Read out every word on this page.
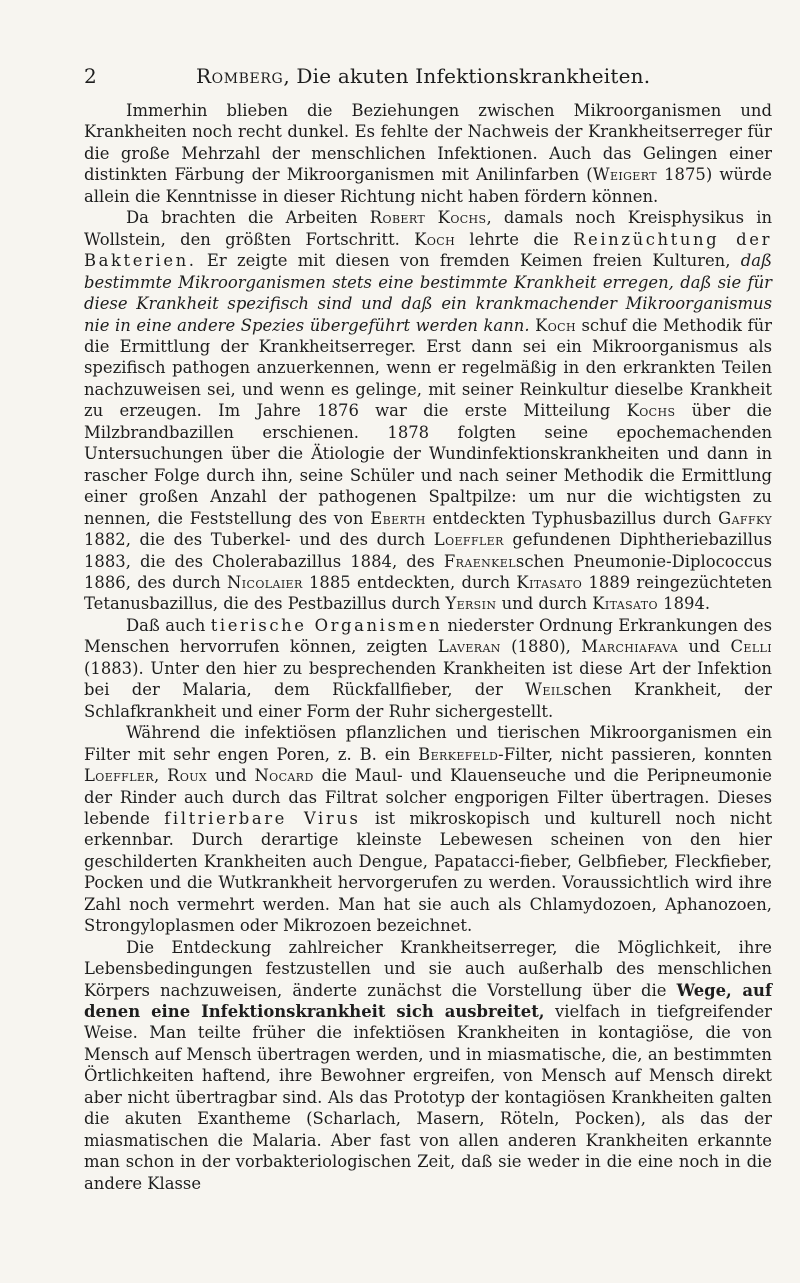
2	Romberg, Die akuten Infektionskrankheiten.

Immerhin blieben die Beziehungen zwischen Mikroorganismen und Krankheiten noch recht dunkel. Es fehlte der Nachweis der Krankheitserreger für die große Mehrzahl der menschlichen Infektionen. Auch das Gelingen einer distinkten Färbung der Mikroorganismen mit Anilinfarben (Weigert 1875) würde allein die Kenntnisse in dieser Richtung nicht haben fördern können.

Da brachten die Arbeiten Robert Kochs, damals noch Kreisphysikus in Wollstein, den größten Fortschritt. Koch lehrte die Reinzüchtung der Bakterien. Er zeigte mit diesen von fremden Keimen freien Kulturen, daß bestimmte Mikroorganismen stets eine bestimmte Krankheit erregen, daß sie für diese Krankheit spezifisch sind und daß ein krankmachender Mikroorganismus nie in eine andere Spezies übergeführt werden kann. Koch schuf die Methodik für die Ermittlung der Krankheitserreger. Erst dann sei ein Mikroorganismus als spezifisch pathogen anzuerkennen, wenn er regelmäßig in den erkrankten Teilen nachzuweisen sei, und wenn es gelinge, mit seiner Reinkultur dieselbe Krankheit zu erzeugen. Im Jahre 1876 war die erste Mitteilung Kochs über die Milzbrandbazillen erschienen. 1878 folgten seine epochemachenden Untersuchungen über die Ätiologie der Wundinfektionskrankheiten und dann in rascher Folge durch ihn, seine Schüler und nach seiner Methodik die Ermittlung einer großen Anzahl der pathogenen Spaltpilze: um nur die wichtigsten zu nennen, die Feststellung des von Eberth entdeckten Typhusbazillus durch Gaffky 1882, die des Tuberkel- und des durch Loeffler gefundenen Diphtheriebazillus 1883, die des Cholerabazillus 1884, des Fraenkelschen Pneumonie-Diplococcus 1886, des durch Nicolaier 1885 entdeckten, durch Kitasato 1889 reingezüchteten Tetanusbazillus, die des Pestbazillus durch Yersin und durch Kitasato 1894.

Daß auch tierische Organismen niederster Ordnung Erkrankungen des Menschen hervorrufen können, zeigten Laveran (1880), Marchiafava und Celli (1883). Unter den hier zu besprechenden Krankheiten ist diese Art der Infektion bei der Malaria, dem Rückfallfieber, der Weilschen Krankheit, der Schlafkrankheit und einer Form der Ruhr sichergestellt.

Während die infektiösen pflanzlichen und tierischen Mikroorganismen ein Filter mit sehr engen Poren, z. B. ein Berkefeld-Filter, nicht passieren, konnten Loeffler, Roux und Nocard die Maul- und Klauenseuche und die Peripneumonie der Rinder auch durch das Filtrat solcher engporigen Filter übertragen. Dieses lebende filtrierbare Virus ist mikroskopisch und kulturell noch nicht erkennbar. Durch derartige kleinste Lebewesen scheinen von den hier geschilderten Krankheiten auch Dengue, Papatacci-fieber, Gelbfieber, Fleckfieber, Pocken und die Wutkrankheit hervorgerufen zu werden. Voraussichtlich wird ihre Zahl noch vermehrt werden. Man hat sie auch als Chlamydozoen, Aphanozoen, Strongyloplasmen oder Mikrozoen bezeichnet.

Die Entdeckung zahlreicher Krankheitserreger, die Möglichkeit, ihre Lebensbedingungen festzustellen und sie auch außerhalb des menschlichen Körpers nachzuweisen, änderte zunächst die Vorstellung über die Wege, auf denen eine Infektionskrankheit sich ausbreitet, vielfach in tiefgreifender Weise. Man teilte früher die infektiösen Krankheiten in kontagiöse, die von Mensch auf Mensch übertragen werden, und in miasmatische, die, an bestimmten Örtlichkeiten haftend, ihre Bewohner ergreifen, von Mensch auf Mensch direkt aber nicht übertragbar sind. Als das Prototyp der kontagiösen Krankheiten galten die akuten Exantheme (Scharlach, Masern, Röteln, Pocken), als das der miasmatischen die Malaria. Aber fast von allen anderen Krankheiten erkannte man schon in der vorbakteriologischen Zeit, daß sie weder in die eine noch in die andere Klasse
